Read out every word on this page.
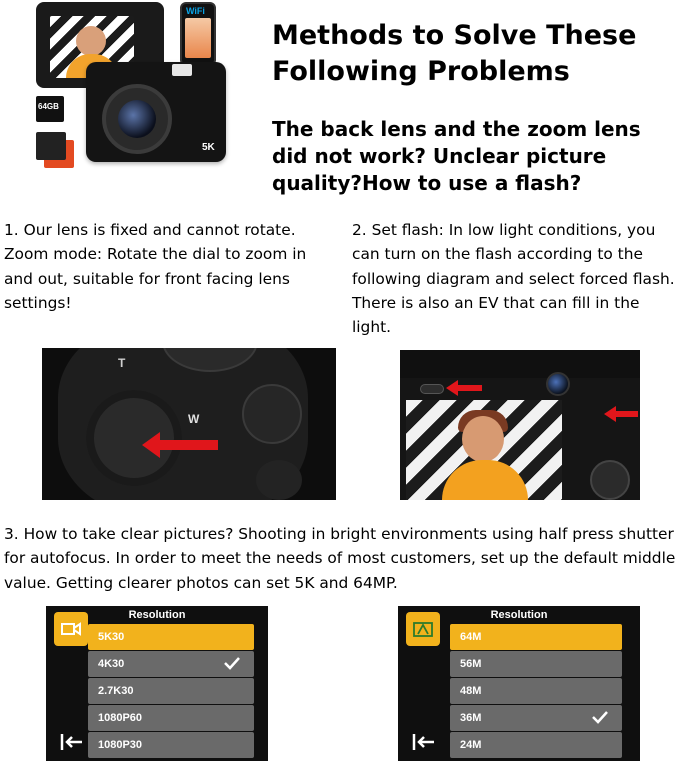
WiFi
64GB
5K
Methods to Solve These Following Problems
The back lens and the zoom lens did not work? Unclear picture quality?How to use a flash?

1. Our lens is fixed and cannot rotate. Zoom mode: Rotate the dial to zoom in and out, suitable for front facing lens settings!

2. Set flash: In low light conditions, you can turn on the flash according to the following diagram and select forced flash. There is also an EV that can fill in the light.

T
W

3. How to take clear pictures? Shooting in bright environments using half press shutter for autofocus. In order to meet the needs of most customers, set up the default middle value. Getting clearer photos can set 5K and 64MP.

Resolution
5K30
4K30
2.7K30
1080P60
1080P30
Resolution
64M
56M
48M
36M
24M
